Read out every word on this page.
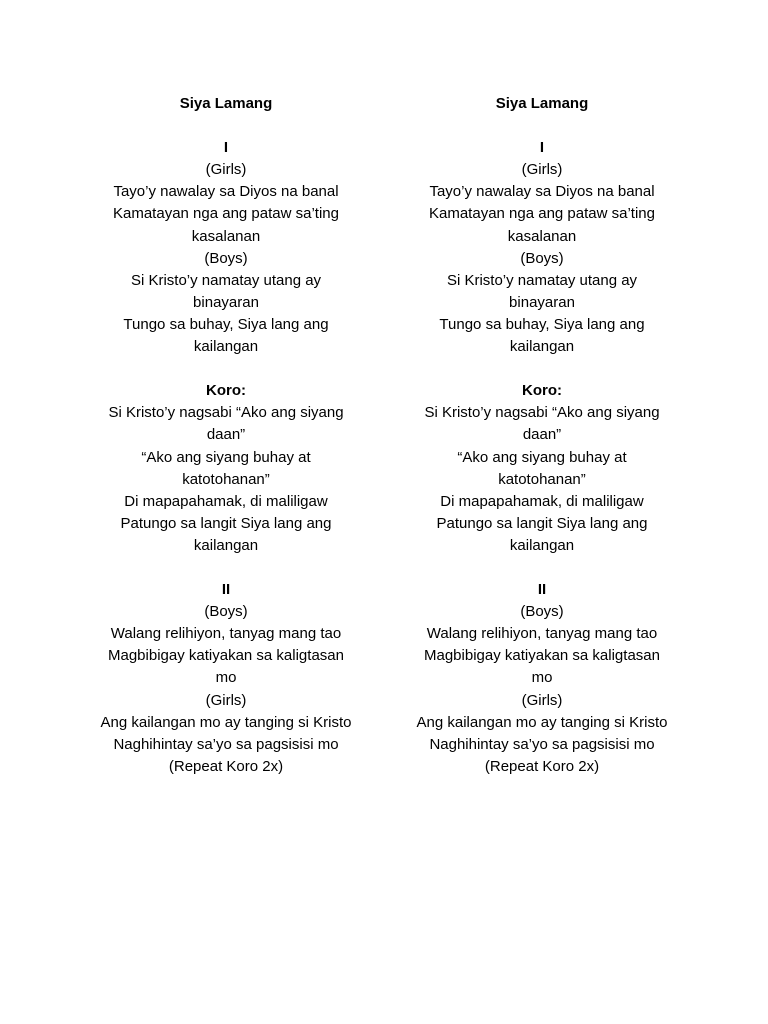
Siya Lamang
I
(Girls)
Tayo’y nawalay sa Diyos na banal
Kamatayan nga ang pataw sa’ting
kasalanan
(Boys)
Si Kristo’y namatay utang ay
binayaran
Tungo sa buhay, Siya lang ang
kailangan
Koro:
Si Kristo’y nagsabi “Ako ang siyang
daan”
“Ako ang siyang buhay at
katotohanan”
Di mapapahamak, di maliligaw
Patungo sa langit Siya lang ang
kailangan
II
(Boys)
Walang relihiyon, tanyag mang tao
Magbibigay katiyakan sa kaligtasan
mo
(Girls)
Ang kailangan mo ay tanging si Kristo
Naghihintay sa’yo sa pagsisisi mo
(Repeat Koro 2x)
Siya Lamang
I
(Girls)
Tayo’y nawalay sa Diyos na banal
Kamatayan nga ang pataw sa’ting
kasalanan
(Boys)
Si Kristo’y namatay utang ay
binayaran
Tungo sa buhay, Siya lang ang
kailangan
Koro:
Si Kristo’y nagsabi “Ako ang siyang
daan”
“Ako ang siyang buhay at
katotohanan”
Di mapapahamak, di maliligaw
Patungo sa langit Siya lang ang
kailangan
II
(Boys)
Walang relihiyon, tanyag mang tao
Magbibigay katiyakan sa kaligtasan
mo
(Girls)
Ang kailangan mo ay tanging si Kristo
Naghihintay sa’yo sa pagsisisi mo
(Repeat Koro 2x)
